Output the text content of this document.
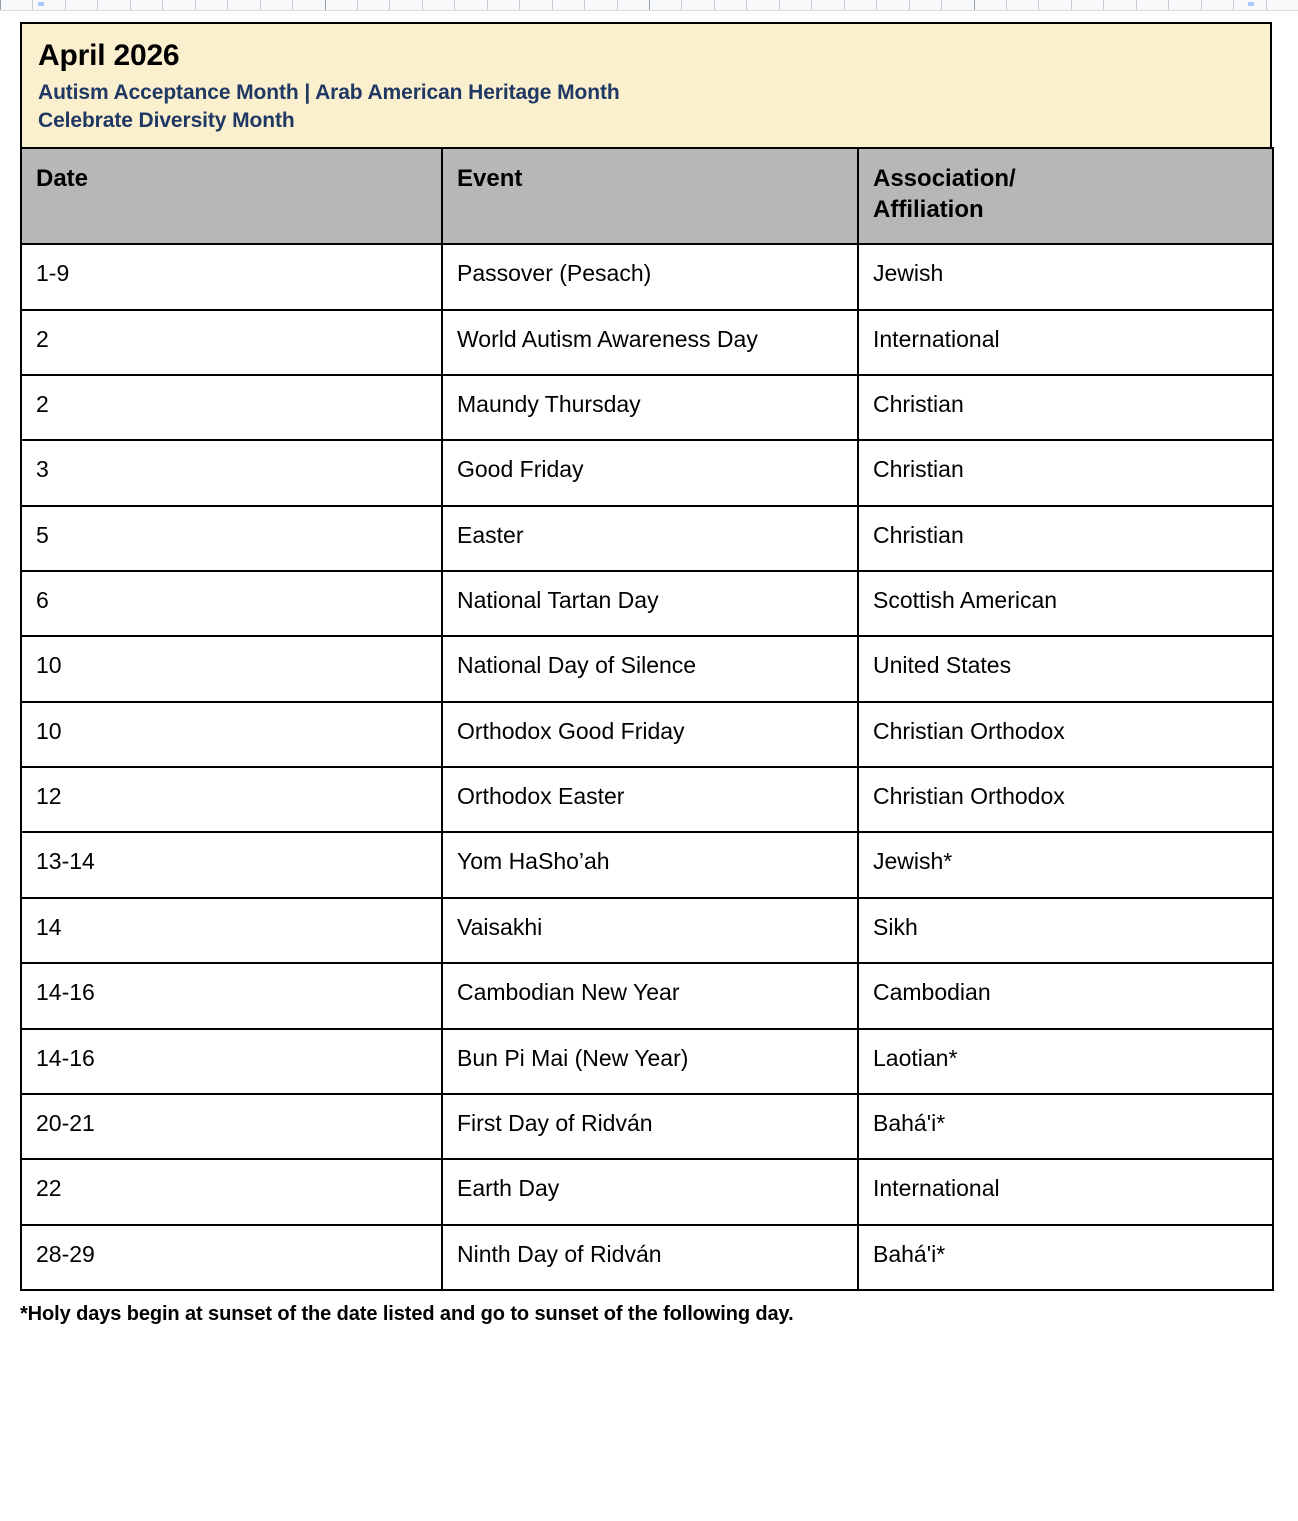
April 2026
Autism Acceptance Month | Arab American Heritage Month
Celebrate Diversity Month
Date	Event	Association/
Affiliation
1-9	Passover (Pesach)	Jewish
2	World Autism Awareness Day	International
2	Maundy Thursday	Christian
3	Good Friday	Christian
5	Easter	Christian
6	National Tartan Day	Scottish American
10	National Day of Silence	United States
10	Orthodox Good Friday	Christian Orthodox
12	Orthodox Easter	Christian Orthodox
13-14	Yom HaSho’ah	Jewish*
14	Vaisakhi	Sikh
14-16	Cambodian New Year	Cambodian
14-16	Bun Pi Mai (New Year)	Laotian*
20-21	First Day of Ridván	Bahá'i*
22	Earth Day	International
28-29	Ninth Day of Ridván	Bahá'i*
*Holy days begin at sunset of the date listed and go to sunset of the following day.
